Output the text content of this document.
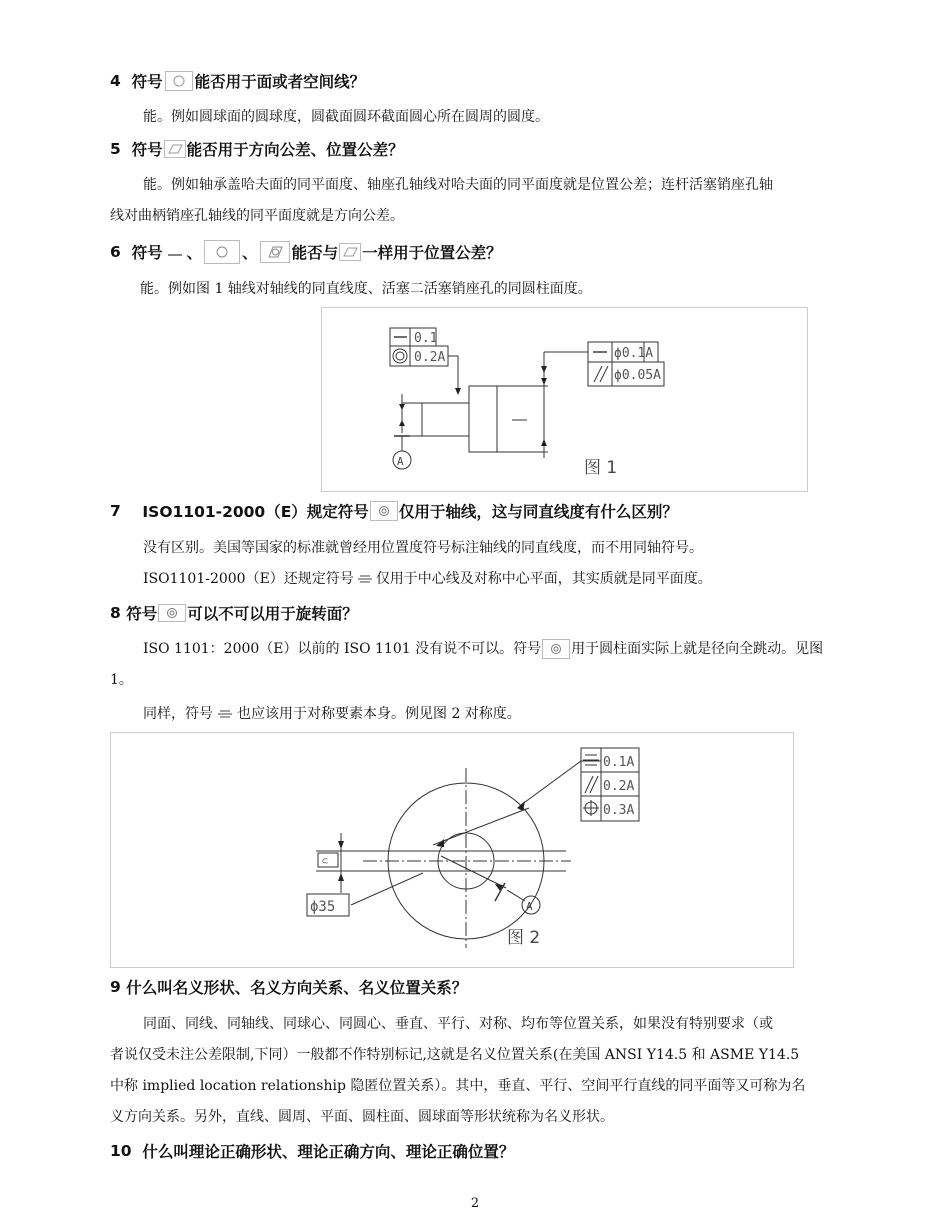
4
符号 能否用于面或者空间线？
能。例如圆球面的圆球度，圆截面圆环截面圆心所在圆周的圆度。
5
符号 能否用于方向公差、位置公差？
能。例如轴承盖哈夫面的同平面度、轴座孔轴线对哈夫面的同平面度就是位置公差；连杆活塞销座孔轴
线对曲柄销座孔轴线的同平面度就是方向公差。
6
符号 、	、 能否与 一样用于位置公差？
能。例如图 1 轴线对轴线的同直线度、活塞二活塞销座孔的同圆柱面度。
0.1
0.2A
A
ϕ0.1A
ϕ0.05A
图 1
7
ISO1101-2000（E）规定符号 仅用于轴线，这与同直线度有什么区别？
没有区别。美国等国家的标准就曾经用位置度符号标注轴线的同直线度，而不用同轴符号。
ISO1101-2000（E）还规定符号 仅用于中心线及对称中心平面，其实质就是同平面度。
8
符号 可以不可以用于旋转面？
ISO 1101：2000（E）以前的 ISO 1101 没有说不可以。符号 用于圆柱面实际上就是径向全跳动。见图
1。
同样，符号 也应该用于对称要素本身。例见图 2 对称度。
⊂
ϕ35	A
0.1A
0.2A
0.3A
图 2
9
什么叫名义形状、名义方向关系、名义位置关系？
同面、同线、同轴线、同球心、同圆心、垂直、平行、对称、均布等位置关系，如果没有特别要求（或
者说仅受未注公差限制,下同）一般都不作特别标记,这就是名义位置关系(在美国 ANSI Y14.5 和 ASME Y14.5
中称 implied location relationship 隐匿位置关系）。其中，垂直、平行、空间平行直线的同平面等又可称为名
义方向关系。另外，直线、圆周、平面、圆柱面、圆球面等形状统称为名义形状。
10
什么叫理论正确形状、理论正确方向、理论正确位置？
2
